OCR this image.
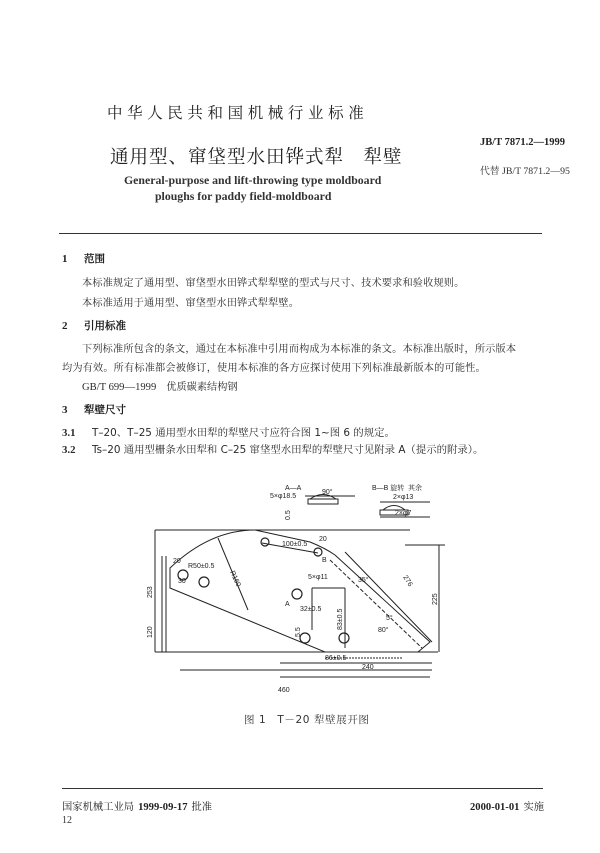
中华人民共和国机械行业标准
通用型、窜垡型水田铧式犁　犁壁
General-purpose and lift-throwing type moldboard
ploughs for paddy field-moldboard
JB/T 7871.2—1999
代替 JB/T 7871.2—95
1 范围
本标准规定了通用型、窜垡型水田铧式犁犁壁的型式与尺寸、技术要求和验收规则。
本标准适用于通用型、窜垡型水田铧式犁犁壁。
2 引用标准
下列标准所包含的条文，通过在本标准中引用而构成为本标准的条文。本标准出版时，所示版本
均为有效。所有标准都会被修订，使用本标准的各方应探讨使用下列标准最新版本的可能性。
GB/T 699—1999 优质碳素结构钢
3 犁壁尺寸
3.1 T–20、T–25 通用型水田犁的犁壁尺寸应符合图 1~图 6 的规定。
3.2 Ts–20 通用型栅条水田犁和 C–25 窜垡型水田犁的犁壁尺寸见附录 A（提示的附录）。
A—A	B—B 旋转 其余
5×φ18.5
90°
2×φ13
2×φ7
100±0.5
20
R160
R50±0.5
20
30
253
120
460
5×φ11	35°
A
32±0.5 83±0.5
5.5
86±0.5
240
276
225
80°
5°
B
0.5
图 1　T－20 犁壁展开图
国家机械工业局 1999-09-17 批准	2000-01-01 实施
12
